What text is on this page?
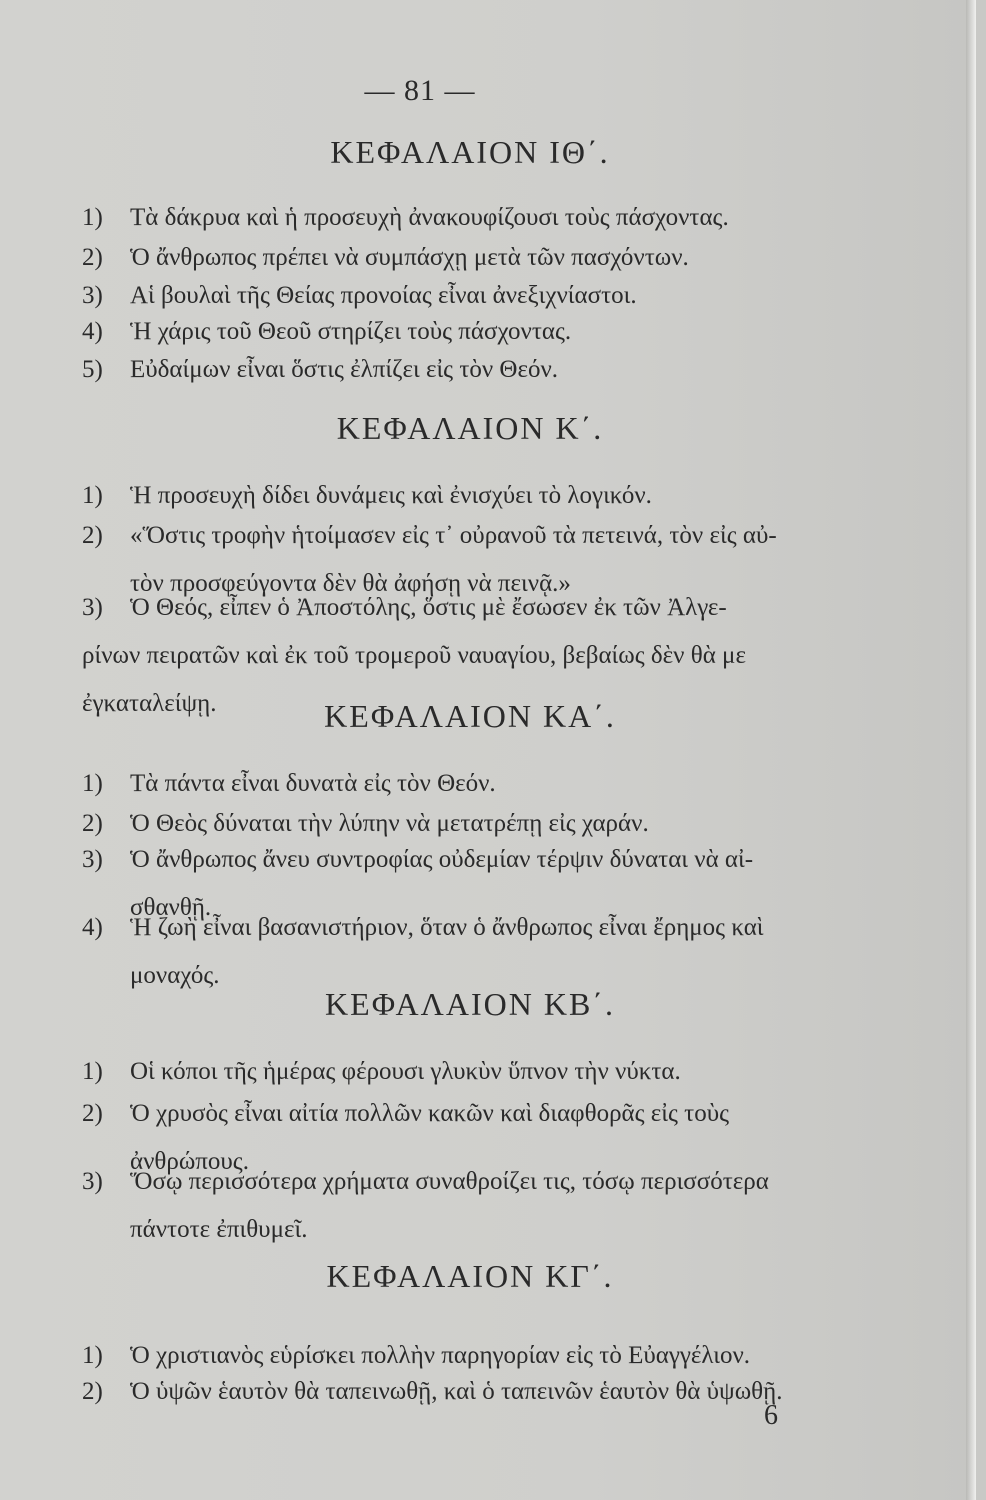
— 81 —
ΚΕΦΑΛΑΙΟΝ ΙΘ΄.
1) Τὰ δάκρυα καὶ ἡ προσευχὴ ἀνακουφίζουσι τοὺς πάσχοντας.
2) Ὁ ἄνθρωπος πρέπει νὰ συμπάσχῃ μετὰ τῶν πασχόντων.
3) Αἱ βουλαὶ τῆς Θείας προνοίας εἶναι ἀνεξιχνίαστοι.
4) Ἡ χάρις τοῦ Θεοῦ στηρίζει τοὺς πάσχοντας.
5) Εὐδαίμων εἶναι ὅστις ἐλπίζει εἰς τὸν Θεόν.
ΚΕΦΑΛΑΙΟΝ Κ΄.
1) Ἡ προσευχὴ δίδει δυνάμεις καὶ ἐνισχύει τὸ λογικόν.
2) «Ὅστις τροφὴν ἡτοίμασεν εἰς τ᾽ οὐρανοῦ τὰ πετεινά, τὸν εἰς αὐ-
τὸν προσφεύγοντα δὲν θὰ ἀφήσῃ νὰ πεινᾷ.»
3) Ὁ Θεός, εἶπεν ὁ Ἀποστόλης, ὅστις μὲ ἔσωσεν ἐκ τῶν Ἀλγε-
ρίνων πειρατῶν καὶ ἐκ τοῦ τρομεροῦ ναυαγίου, βεβαίως δὲν θὰ με
ἐγκαταλείψῃ.	ΚΕΦΑΛΑΙΟΝ ΚΑ΄.
1) Τὰ πάντα εἶναι δυνατὰ εἰς τὸν Θεόν.
2) Ὁ Θεὸς δύναται τὴν λύπην νὰ μετατρέπῃ εἰς χαράν.
3) Ὁ ἄνθρωπος ἄνευ συντροφίας οὐδεμίαν τέρψιν δύναται νὰ αἰ-
σθανθῇ.
4) Ἡ ζωὴ εἶναι βασανιστήριον, ὅταν ὁ ἄνθρωπος εἶναι ἔρημος καὶ
μοναχός.
ΚΕΦΑΛΑΙΟΝ ΚΒ΄.
1) Οἱ κόποι τῆς ἡμέρας φέρουσι γλυκὺν ὕπνον τὴν νύκτα.
2) Ὁ χρυσὸς εἶναι αἰτία πολλῶν κακῶν καὶ διαφθορᾶς εἰς τοὺς
ἀνθρώπους.
3) Ὅσῳ περισσότερα χρήματα συναθροίζει τις, τόσῳ περισσότερα
πάντοτε ἐπιθυμεῖ.
ΚΕΦΑΛΑΙΟΝ ΚΓ΄.
1) Ὁ χριστιανὸς εὑρίσκει πολλὴν παρηγορίαν εἰς τὸ Εὐαγγέλιον.
2) Ὁ ὑψῶν ἑαυτὸν θὰ ταπεινωθῇ, καὶ ὁ ταπεινῶν ἑαυτὸν θὰ ὑψωθῇ.
6
